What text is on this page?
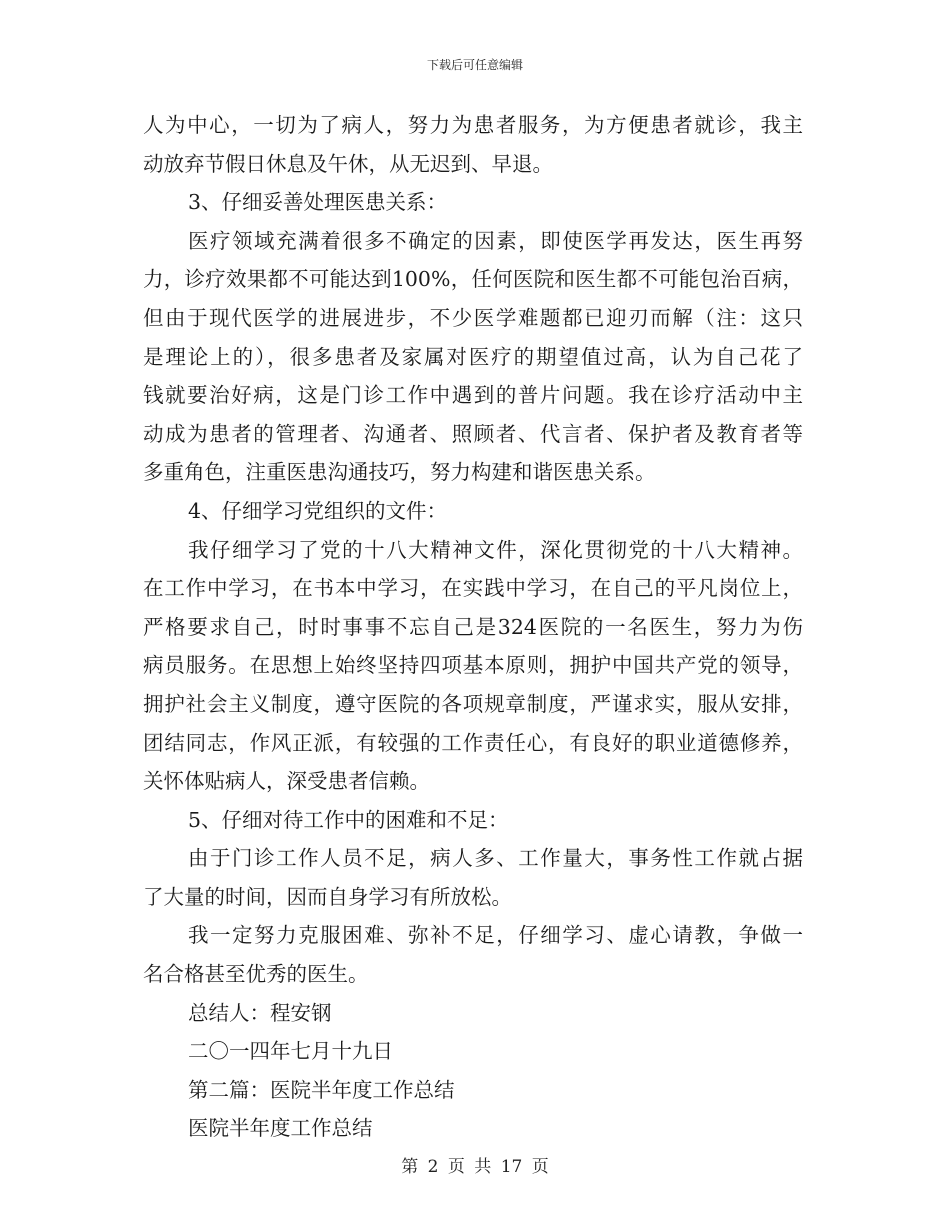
下载后可任意编辑
人为中心，一切为了病人，努力为患者服务，为方便患者就诊，我主
动放弃节假日休息及午休，从无迟到、早退。
3、仔细妥善处理医患关系：
医疗领域充满着很多不确定的因素，即使医学再发达，医生再努
力，诊疗效果都不可能达到100%，任何医院和医生都不可能包治百病，
但由于现代医学的进展进步，不少医学难题都已迎刃而解（注：这只
是理论上的），很多患者及家属对医疗的期望值过高，认为自己花了
钱就要治好病，这是门诊工作中遇到的普片问题。我在诊疗活动中主
动成为患者的管理者、沟通者、照顾者、代言者、保护者及教育者等
多重角色，注重医患沟通技巧，努力构建和谐医患关系。
4、仔细学习党组织的文件：
我仔细学习了党的十八大精神文件，深化贯彻党的十八大精神。
在工作中学习，在书本中学习，在实践中学习，在自己的平凡岗位上，
严格要求自己，时时事事不忘自己是324医院的一名医生，努力为伤
病员服务。在思想上始终坚持四项基本原则，拥护中国共产党的领导，
拥护社会主义制度，遵守医院的各项规章制度，严谨求实，服从安排，
团结同志，作风正派，有较强的工作责任心，有良好的职业道德修养，
关怀体贴病人，深受患者信赖。
5、仔细对待工作中的困难和不足：
由于门诊工作人员不足，病人多、工作量大，事务性工作就占据
了大量的时间，因而自身学习有所放松。
我一定努力克服困难、弥补不足，仔细学习、虚心请教，争做一
名合格甚至优秀的医生。
总结人：程安钢
二〇一四年七月十九日
第二篇：医院半年度工作总结
医院半年度工作总结
第 2 页 共 17 页
